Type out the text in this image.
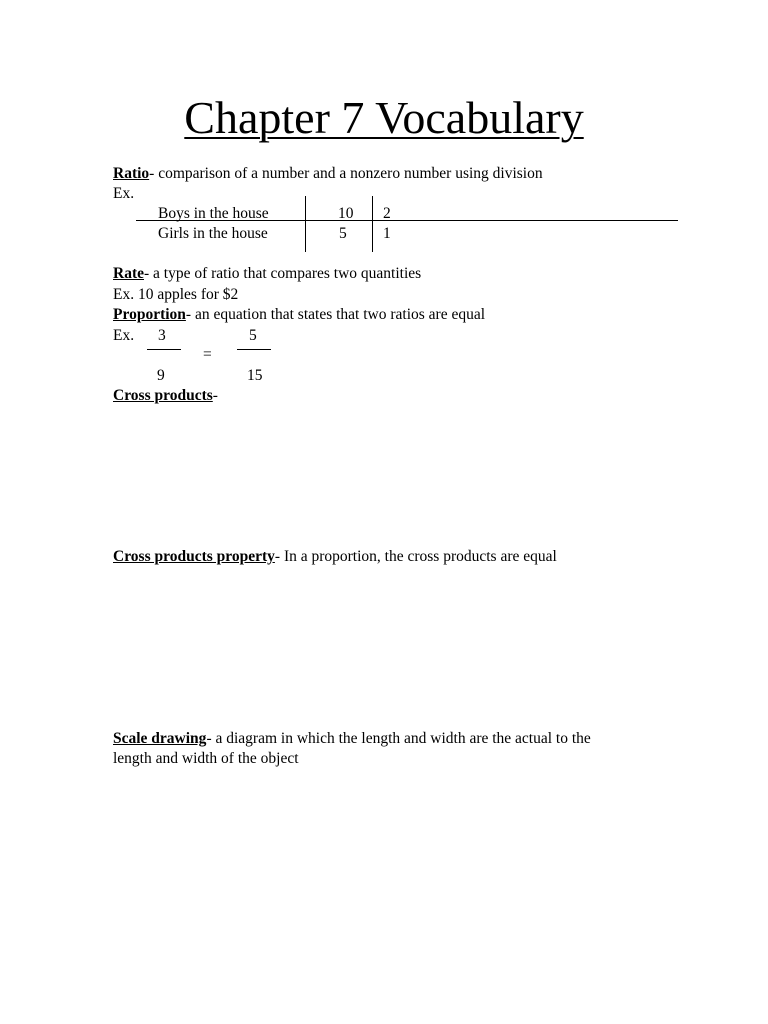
Chapter 7 Vocabulary
Ratio- comparison of a number and a nonzero number using division
Ex.
Boys in the house	10 2
Girls in the house	5 1
Rate- a type of ratio that compares two quantities
Ex. 10 apples for $2
Proportion- an equation that states that two ratios are equal
Ex. 3
9
=
5
15
Cross products-
Cross products property- In a proportion, the cross products are equal
Scale drawing- a diagram in which the length and width are the actual to the
length and width of the object
